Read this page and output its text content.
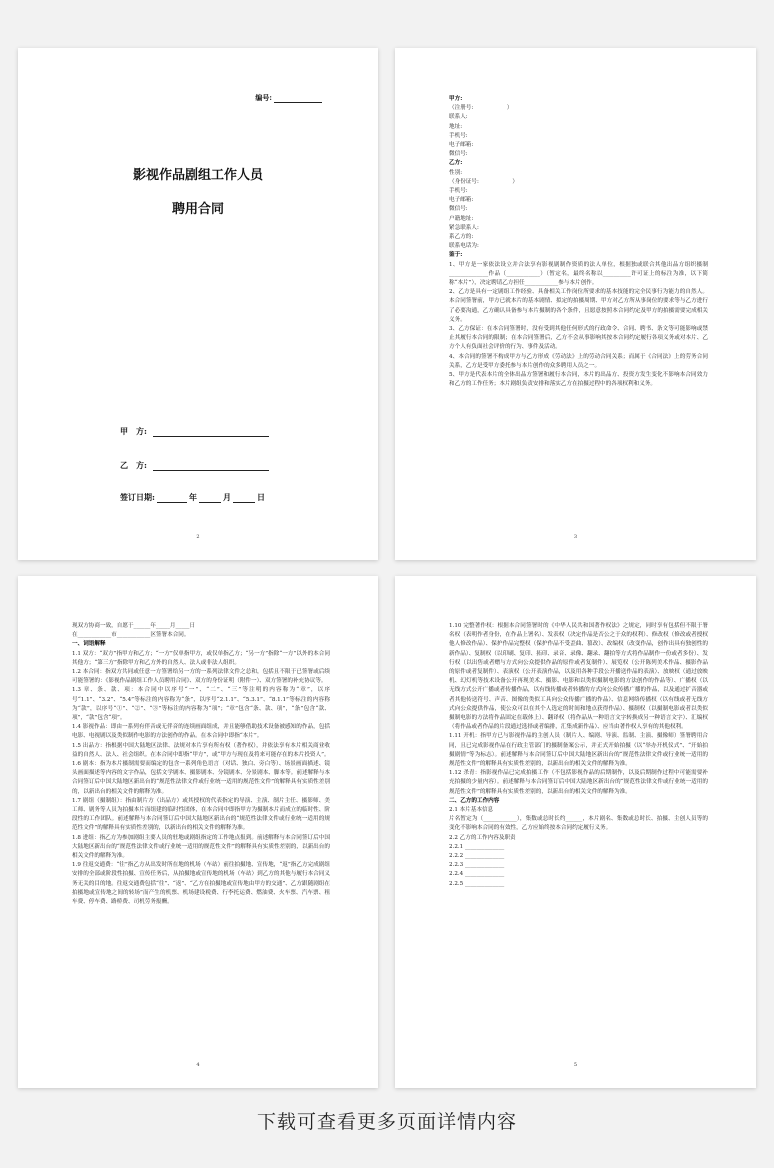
编号:
影视作品剧组工作人员
聘用合同
甲　方:
乙　方:
签订日期:	年	月	日
2

甲方:

（注册号:　　　　　　）

联系人:

地址:

手机号:

电子邮箱:

微信号:

乙方:

性别:

（身份证号:　　　　　　）

手机号:

电子邮箱:

微信号:

户籍地址:

紧急联系人:

系乙方的:

联系电话为:

鉴于:

1、甲方是一家依法设立并合法享有影视剧制作资质的法人单位，根据独或联合其他出品方组织摄制______________作品（____________）（暂定名，最终名称以__________许可证上的标注为准，以下简称“本片”），决定聘请乙方担任____________参与本片创作。

2、乙方是具有一定剧组工作经验、具备相关工作岗位所要求的基本技能的完全民事行为能力的自然人。本合同签署前，甲方已就本片的基本剧情、拟定的拍摄周期、甲方对乙方所从事岗位的要求等与乙方进行了必要沟通，乙方确认具备参与本片摄制的各个条件，且愿意按照本合同约定及甲方的拍摄需要完成相关义务。

3、乙方保证：在本合同签署时，没有受到其他任何形式的行政命令、合同、聘书、条文等可能影响或禁止其履行本合同的限制；在本合同签署后，乙方不会从事影响其按本合同约定履行各项义务或对本片、乙方个人有负面社会评价的行为、事件及活动。

4、本合同的签署不构成甲方与乙方形成《劳动法》上的劳动合同关系；而属于《合同法》上的劳务合同关系，乙方是受甲方委托参与本片创作的众多聘用人员之一。

5、甲方是代表本片的全体出品方签署和履行本合同，本片的出品方、投资方发生变化不影响本合同效力和乙方的工作任务；本片剧组负责安排和落实乙方在拍摄过程中的各项权利和义务。

3

现双方协商一致，自愿于______年_____月_____日

在____________市____________区签署本合同。

一、词语解释

1.1 双方：“双方”指甲方和乙方；“一方”仅单指甲方，或仅单指乙方；“另一方”指除“一方”以外的本合同其他方；“第三方”指除甲方和乙方外的自然人、法人或非法人组织。

1.2 本合同：指双方共同或任意一方签署给另一方的一系列法律文件之总和，包括且不限于已签署或后续可能签署的：《影视作品剧组工作人员聘用合同》、双方的身份证明（附件一）、双方签署的补充协议等。

1.3 章、条、款、项：本合同中以序号“一”、“二”、“三”等注明的内容称为“章”，以序号“1.1”、“3.2”、“5.4”等标注的内容称为“条”，以序号“2.1.1”、“5.3.1”、“8.1.1”等标注的内容称为“款”，以序号“①”、“②”、“③”等标注的内容称为“项”；“章”包含“条、款、项”，“条”包含“款、项”，“款”包含“项”。

1.4 影视作品：即由一系列有伴音或无伴音的连续画面组成，并且能够借助技术设备被感知的作品，包括电影、电视剧以及类似制作电影的方法创作的作品。在本合同中即指“本片”。

1.5 出品方：指根据中国大陆地区法律、法规对本片享有所有权（著作权），并依法享有本片相关商业收益的自然人、法人、社会组织。在本合同中即指“甲方”，或“甲方与现在及将来可能存在的本片投资人”。

1.6 剧本：指为本片摄制需要而编定的包含一系列角色语言（对话、独白、旁白等）、场景画面描述、镜头画面描述等内容的文字作品，包括文学剧本、摄影剧本、分镜剧本、分景剧本、脚本等。前述解释与本合同签订后中国大陆地区新出台的“规范性法律文件或行业统一适用的规范性文件”的解释具有实质性差别的，以新出台的相关文件的解释为准。

1.7 剧组（摄制组）：指由制片方（出品方）或其授权的代表指定的导演、主演、制片主任、摄影师、美工师、剧务等人员为拍摄本片而组建的临时性团体，在本合同中即指甲方为摄制本片而成立的临时性、阶段性的工作团队。前述解释与本合同签订后中国大陆地区新出台的“规范性法律文件或行业统一适用的规范性文件”的解释具有实质性差别的，以新出台的相关文件的解释为准。

1.8 进组：指乙方为参加剧组主要人员的驻地或剧组指定的工作地点报到。前述解释与本合同签订后中国大陆地区新出台的“规范性法律文件或行业统一适用的规范性文件”的解释具有实质性差别的，以新出台的相关文件的解释为准。

1.9 往返交通费：“往”指乙方从出发时所在地的机场（车站）前往拍摄地、宣传地，“返”指乙方完成剧组安排的全部或阶段性拍摄、宣传任务后，从拍摄地或宣传地的机场（车站）到乙方的其他与履行本合同义务无关的目的地。往返交通费包括“往”、“返”、“乙方在拍摄地或宣传地由甲方的交通”、乙方跟随剧组在拍摄地或宣传地之间的转场”而产生的机票、机场建设税费、行李托运费、燃油费、火车票、汽车票、租车费、停车费、路桥费、司机劳务报酬。

4

1.10 完整著作权：根据本合同签署时的《中华人民共和国著作权法》之规定，同时享有包括但不限于署名权（表明作者身份，在作品上署名）、发表权（决定作品是否公之于众的权利）、修改权（修改或者授权他人修改作品）、保护作品完整权（保护作品不受歪曲、篡改）、改编权（改变作品，创作出具有独创性的新作品）、复制权（以印刷、复印、拓印、录音、录像、翻录、翻拍等方式将作品制作一份或者多份）、发行权（以出售或者赠与方式向公众提供作品的原件或者复制件）、展览权（公开陈列美术作品、摄影作品的原件或者复制件）、表演权（公开表演作品，以及用各种手段公开播送作品的表演）、放映权（通过放映机、幻灯机等技术设备公开再现美术、摄影、电影和以类似摄制电影的方法创作的作品等）、广播权（以无线方式公开广播或者传播作品，以有线传播或者转播的方式向公众传播广播的作品，以及通过扩音器或者其他传送符号、声音、图像的类似工具向公众传播广播的作品）、信息网络传播权（以有线或者无线方式向公众提供作品，使公众可以在其个人选定的时间和地点获得作品）、摄制权（以摄制电影或者以类似摄制电影的方法将作品固定在载体上）、翻译权（将作品从一种语言文字转换成另一种语言文字）、汇编权（将作品或者作品的片段通过选择或者编排，汇集成新作品）、应当由著作权人享有的其他权利。

1.11 开机：指甲方已与影视作品的主创人员（制片人、编剧、导演、监制、主演、摄像师）签署聘用合同，且已完成影视作品在行政主管部门的摄制备案公示，并正式开始拍摄（以“举办开机仪式”、“开始拍摄剧情”等为标志）。前述解释与本合同签订后中国大陆地区新出台的“规范性法律文件或行业统一适用的规范性文件”的解释具有实质性差别的，以新出台的相关文件的解释为准。

1.12 杀青：指影视作品已完成拍摄工作（不包括影视作品的后期制作，以及后期制作过程中可能需要补充拍摄的少量内容）。前述解释与本合同签订后中国大陆地区新出台的“规范性法律文件或行业统一适用的规范性文件”的解释具有实质性差别的，以新出台的相关文件的解释为准。

二、乙方的工作内容

2.1 本片基本信息

片名暂定为（____________），集数或总时长约______，本片剧名、集数或总时长、拍摄、主创人员等的变化不影响本合同的有效性，乙方应始终按本合同约定履行义务。

2.2 乙方的工作内容及职责

2.2.1 ______________

2.2.2 ______________

2.2.3 ______________

2.2.4 ______________

2.2.5 ______________

5
下载可查看更多页面详情内容
